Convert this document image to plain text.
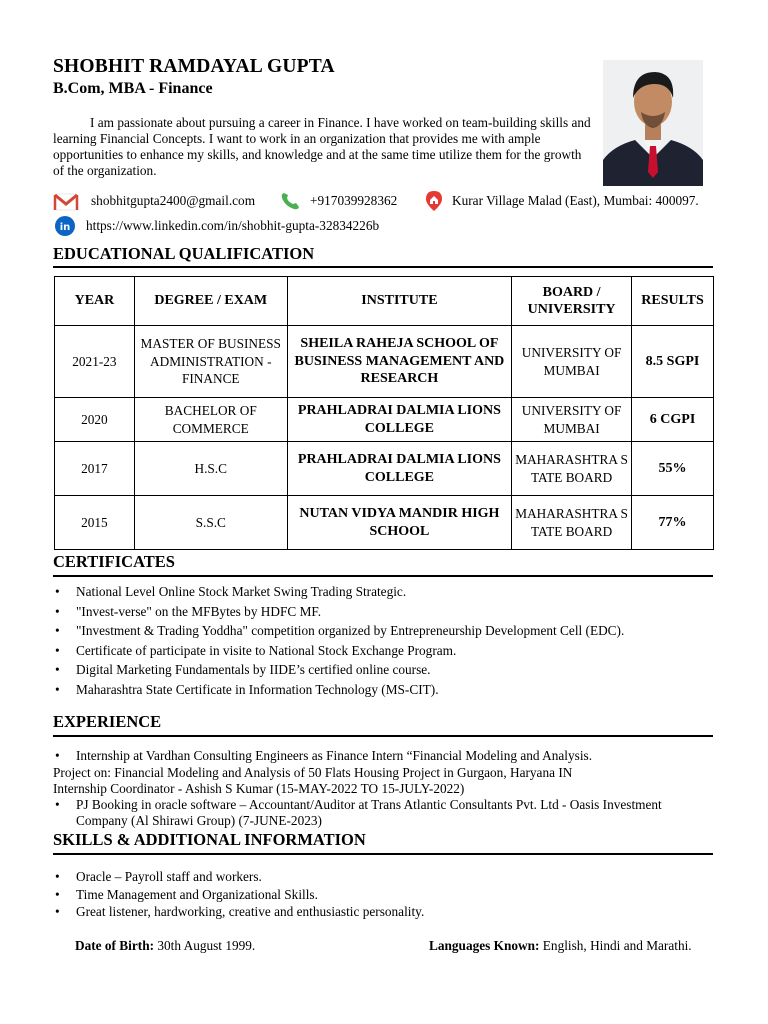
SHOBHIT RAMDAYAL GUPTA
B.Com, MBA - Finance
I am passionate about pursuing a career in Finance. I have worked on team-building skills and learning Financial Concepts. I want to work in an organization that provides me with ample opportunities to enhance my skills, and knowledge and at the same time utilize them for the growth of the organization.
shobhitgupta2400@gmail.com	+917039928362	Kurar Village Malad (East), Mumbai: 400097.
in https://www.linkedin.com/in/shobhit-gupta-32834226b
EDUCATIONAL QUALIFICATION
YEAR	DEGREE / EXAM	INSTITUTE	BOARD / UNIVERSITY	RESULTS
2021-23	MASTER OF BUSINESS ADMINISTRATION - FINANCE	SHEILA RAHEJA SCHOOL OF BUSINESS MANAGEMENT AND RESEARCH	UNIVERSITY OF MUMBAI	8.5 SGPI
2020	BACHELOR OF COMMERCE	PRAHLADRAI DALMIA LIONS COLLEGE	UNIVERSITY OF MUMBAI	6 CGPI
2017	H.S.C	PRAHLADRAI DALMIA LIONS COLLEGE	MAHARASHTRA STATE BOARD	55%
2015	S.S.C	NUTAN VIDYA MANDIR HIGH SCHOOL	MAHARASHTRA STATE BOARD	77%
CERTIFICATES
• National Level Online Stock Market Swing Trading Strategic.
• "Invest-verse" on the MFBytes by HDFC MF.
• "Investment & Trading Yoddha" competition organized by Entrepreneurship Development Cell (EDC).
• Certificate of participate in visite to National Stock Exchange Program.
• Digital Marketing Fundamentals by IIDE’s certified online course.
• Maharashtra State Certificate in Information Technology (MS-CIT).
EXPERIENCE
• Internship at Vardhan Consulting Engineers as Finance Intern “Financial Modeling and Analysis.
Project on: Financial Modeling and Analysis of 50 Flats Housing Project in Gurgaon, Haryana IN
Internship Coordinator - Ashish S Kumar (15-MAY-2022 TO 15-JULY-2022)
• PJ Booking in oracle software – Accountant/Auditor at Trans Atlantic Consultants Pvt. Ltd - Oasis Investment
Company (Al Shirawi Group) (7-JUNE-2023)
SKILLS & ADDITIONAL INFORMATION
• Oracle – Payroll staff and workers.
• Time Management and Organizational Skills.
• Great listener, hardworking, creative and enthusiastic personality.
Date of Birth: 30th August 1999.	Languages Known: English, Hindi and Marathi.
